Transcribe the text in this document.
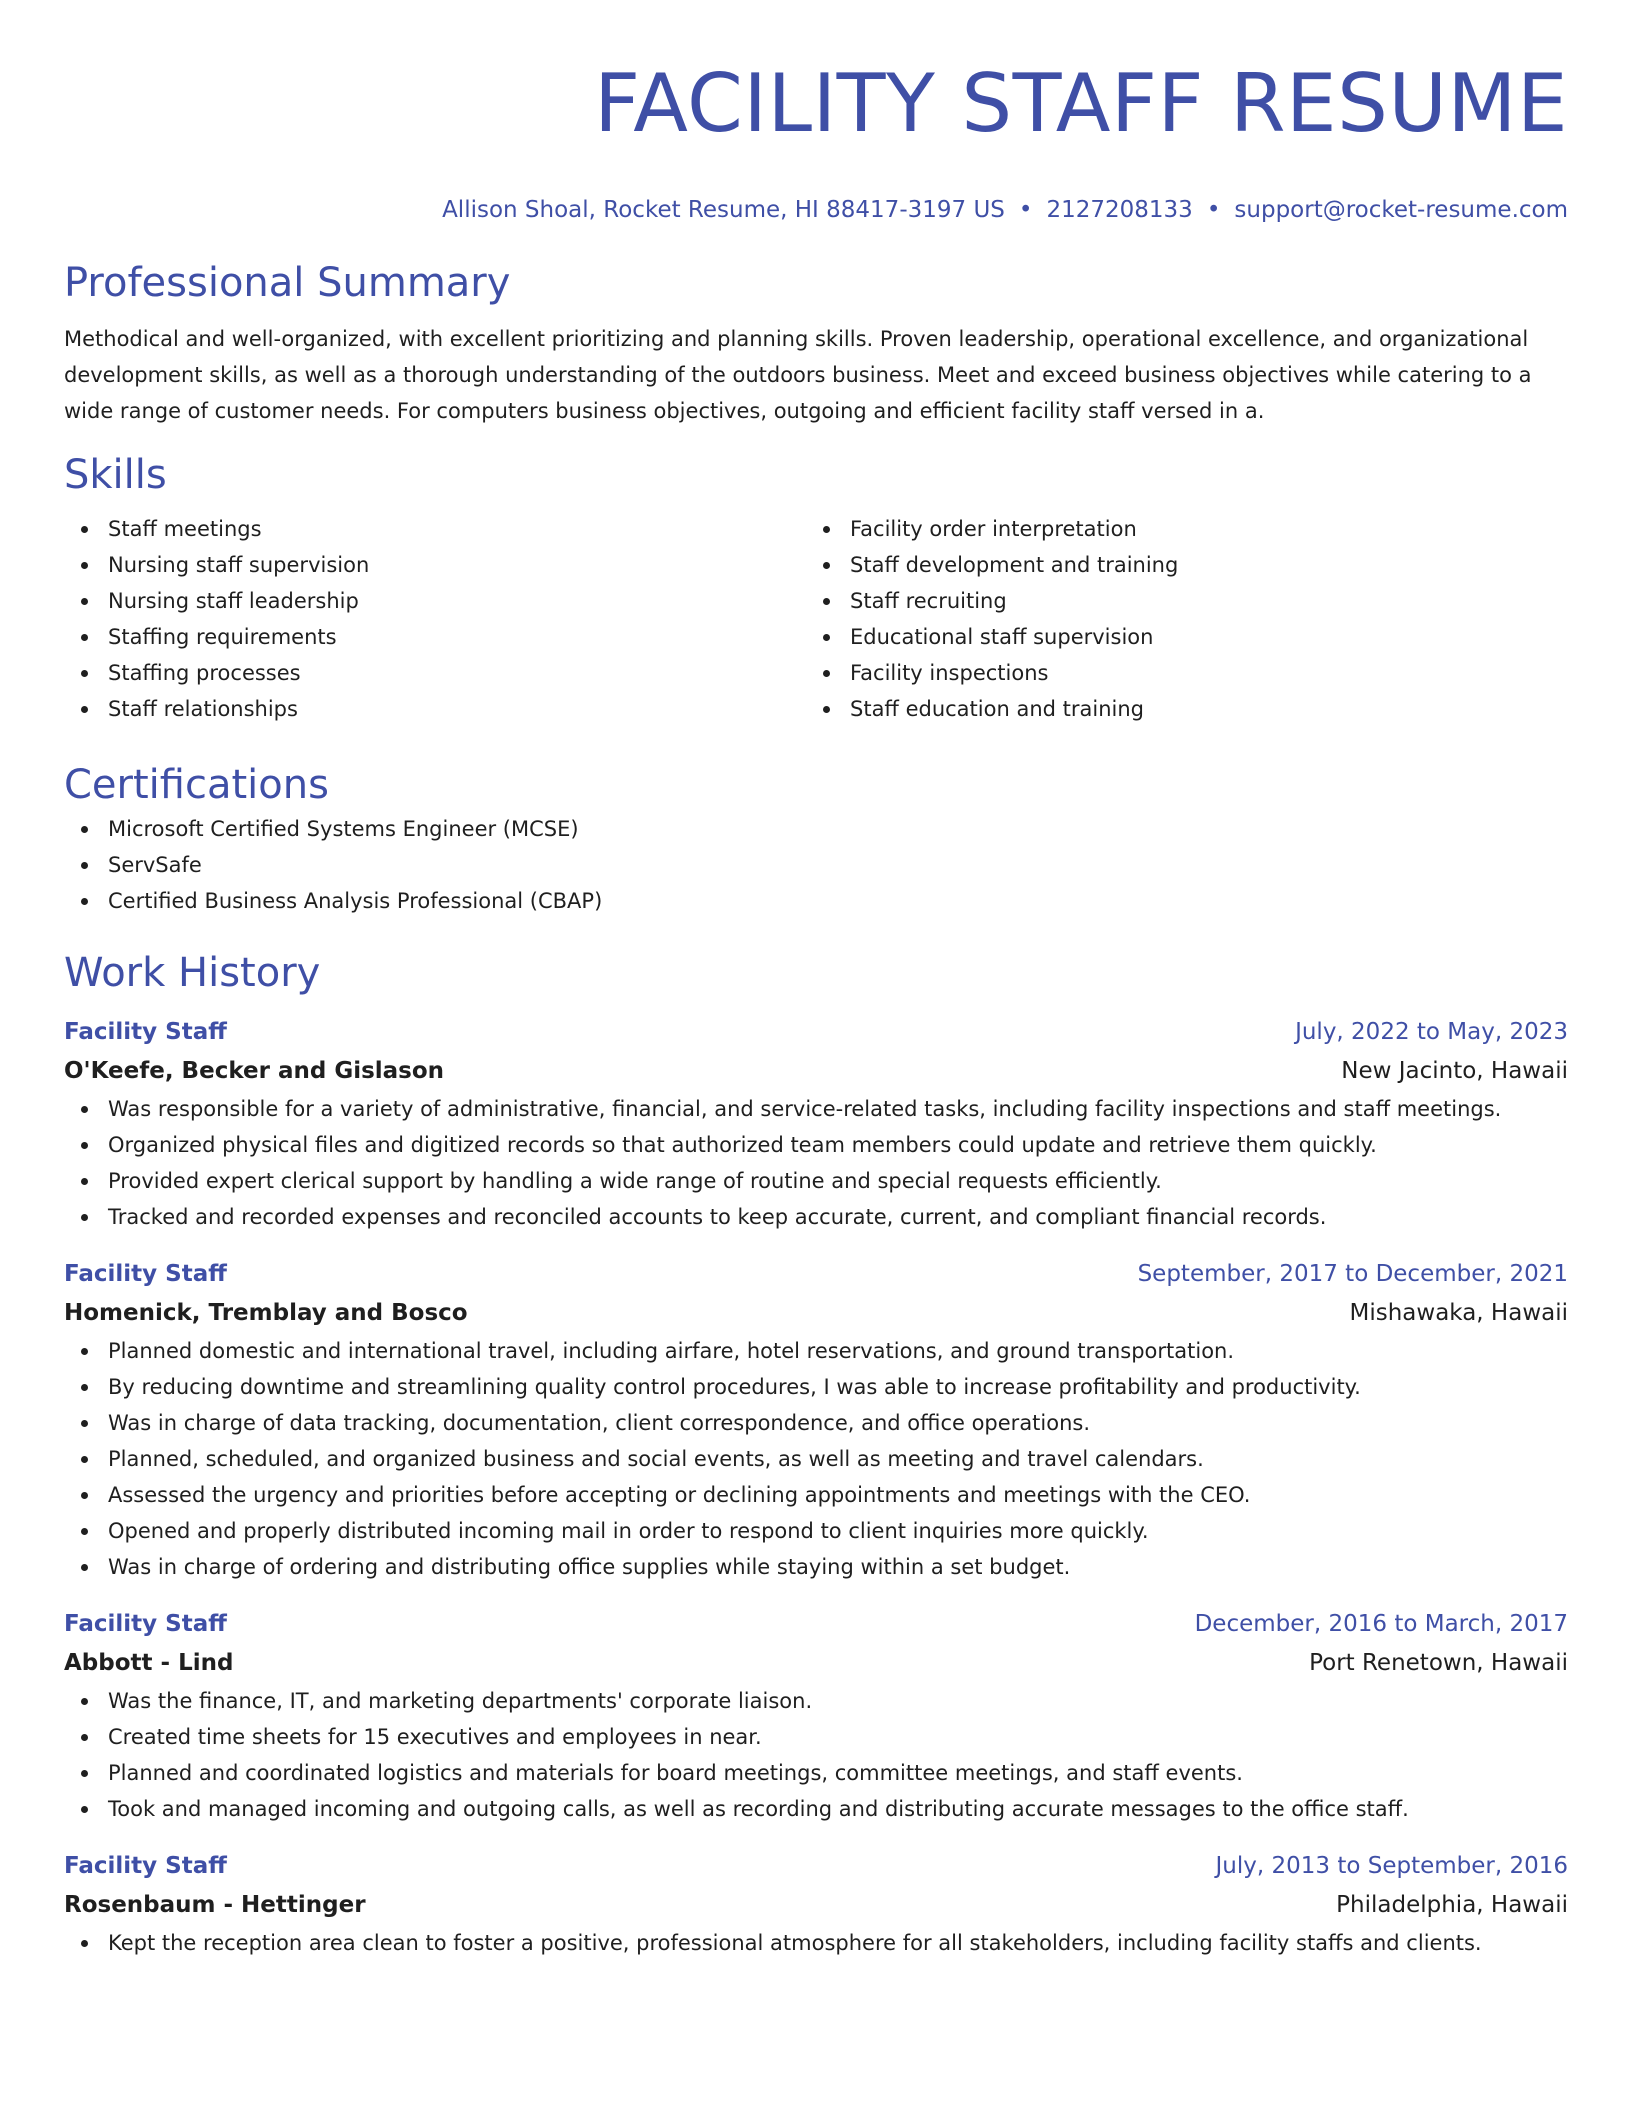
FACILITY STAFF RESUME
Allison Shoal, Rocket Resume, HI 88417-3197 US • 2127208133 • support@rocket-resume.com
Professional Summary

Methodical and well-organized, with excellent prioritizing and planning skills. Proven leadership, operational excellence, and organizational development skills, as well as a thorough understanding of the outdoors business. Meet and exceed business objectives while catering to a wide range of customer needs. For computers business objectives, outgoing and efficient facility staff versed in a.

Skills
Staff meetings
Nursing staff supervision
Nursing staff leadership
Staffing requirements
Staffing processes
Staff relationships
Facility order interpretation
Staff development and training
Staff recruiting
Educational staff supervision
Facility inspections
Staff education and training
Certifications
Microsoft Certified Systems Engineer (MCSE)
ServSafe
Certified Business Analysis Professional (CBAP)
Work History
Facility Staff	July, 2022 to May, 2023
O'Keefe, Becker and Gislason	New Jacinto, Hawaii
Was responsible for a variety of administrative, financial, and service-related tasks, including facility inspections and staff meetings.
Organized physical files and digitized records so that authorized team members could update and retrieve them quickly.
Provided expert clerical support by handling a wide range of routine and special requests efficiently.
Tracked and recorded expenses and reconciled accounts to keep accurate, current, and compliant financial records.
Facility Staff	September, 2017 to December, 2021
Homenick, Tremblay and Bosco	Mishawaka, Hawaii
Planned domestic and international travel, including airfare, hotel reservations, and ground transportation.
By reducing downtime and streamlining quality control procedures, I was able to increase profitability and productivity.
Was in charge of data tracking, documentation, client correspondence, and office operations.
Planned, scheduled, and organized business and social events, as well as meeting and travel calendars.
Assessed the urgency and priorities before accepting or declining appointments and meetings with the CEO.
Opened and properly distributed incoming mail in order to respond to client inquiries more quickly.
Was in charge of ordering and distributing office supplies while staying within a set budget.
Facility Staff	December, 2016 to March, 2017
Abbott - Lind	Port Renetown, Hawaii
Was the finance, IT, and marketing departments' corporate liaison.
Created time sheets for 15 executives and employees in near.
Planned and coordinated logistics and materials for board meetings, committee meetings, and staff events.
Took and managed incoming and outgoing calls, as well as recording and distributing accurate messages to the office staff.
Facility Staff	July, 2013 to September, 2016
Rosenbaum - Hettinger	Philadelphia, Hawaii
Kept the reception area clean to foster a positive, professional atmosphere for all stakeholders, including facility staffs and clients.
